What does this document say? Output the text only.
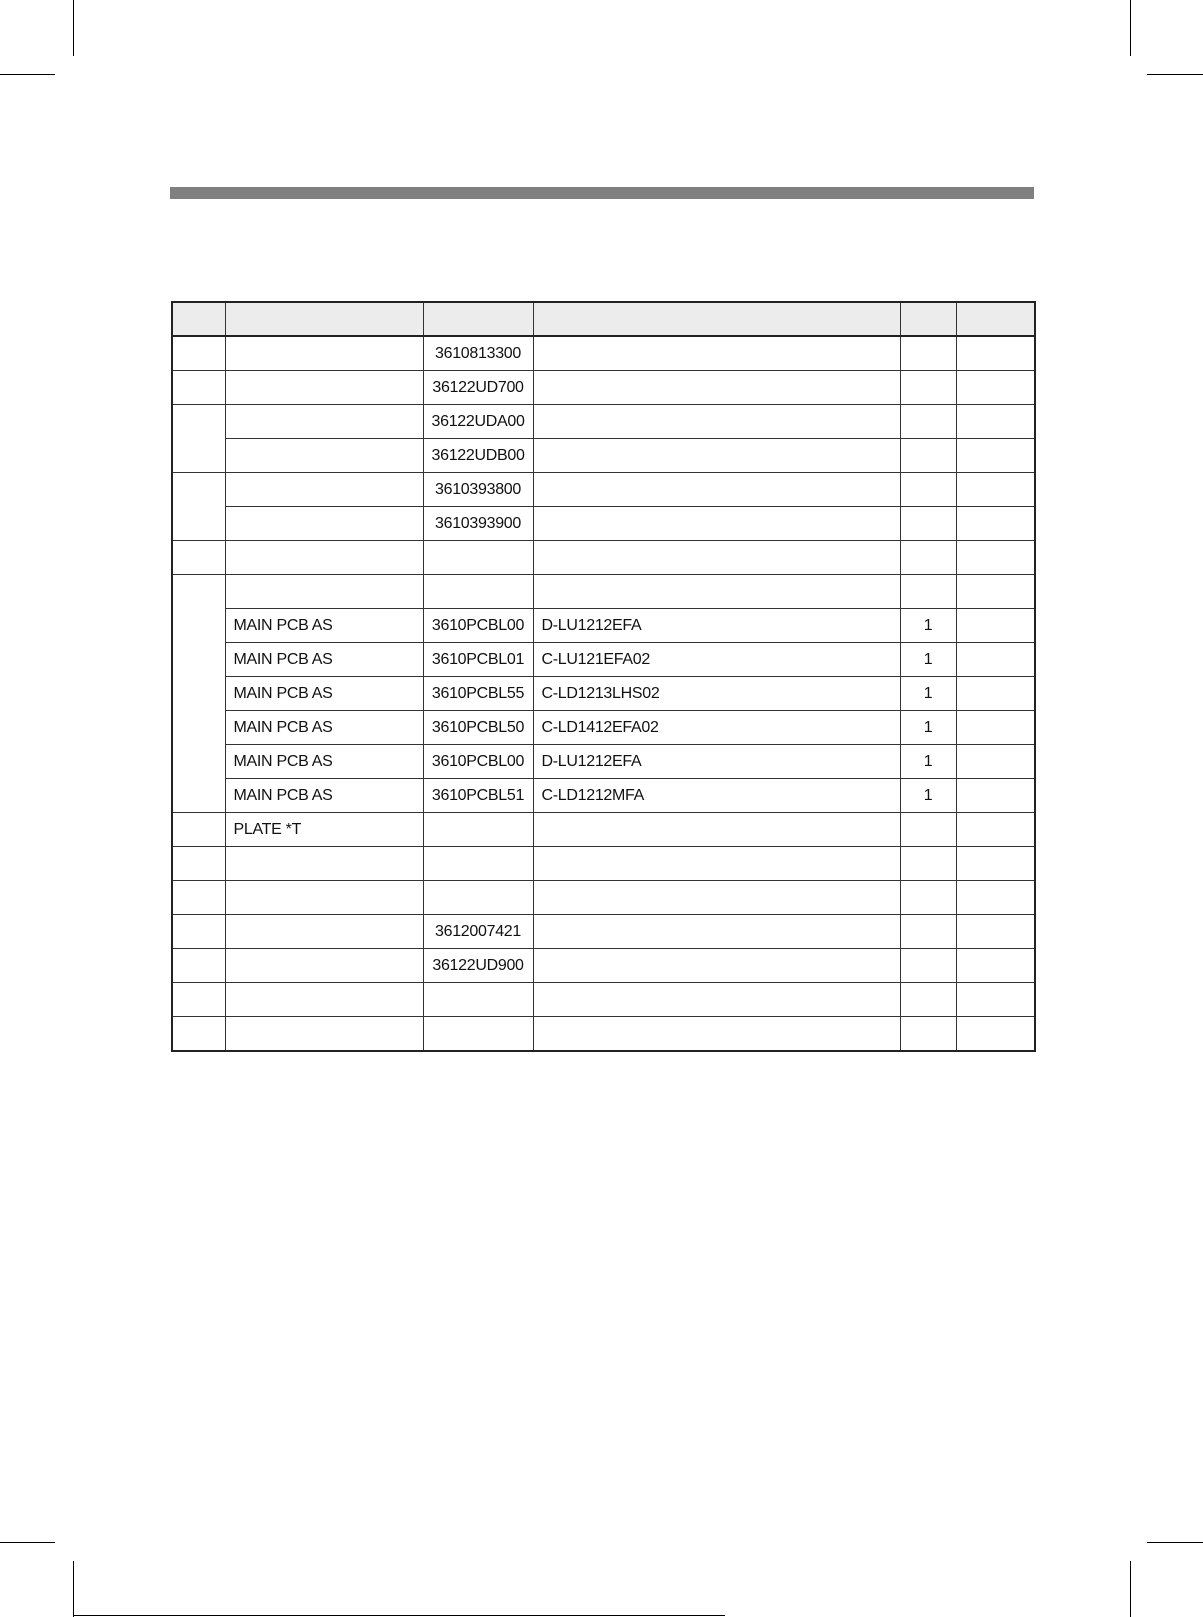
		3610813300			
		36122UD700			
		36122UDA00			
		36122UDB00			
		3610393800			
		3610393900			

	MAIN PCB AS	3610PCBL00	D-LU1212EFA	1	
	MAIN PCB AS	3610PCBL01	C-LU121EFA02	1	
	MAIN PCB AS	3610PCBL55	C-LD1213LHS02	1	
	MAIN PCB AS	3610PCBL50	C-LD1412EFA02	1	
	MAIN PCB AS	3610PCBL00	D-LU1212EFA	1	
	MAIN PCB AS	3610PCBL51	C-LD1212MFA	1	
	PLATE *T				

		3612007421			
		36122UD900			
